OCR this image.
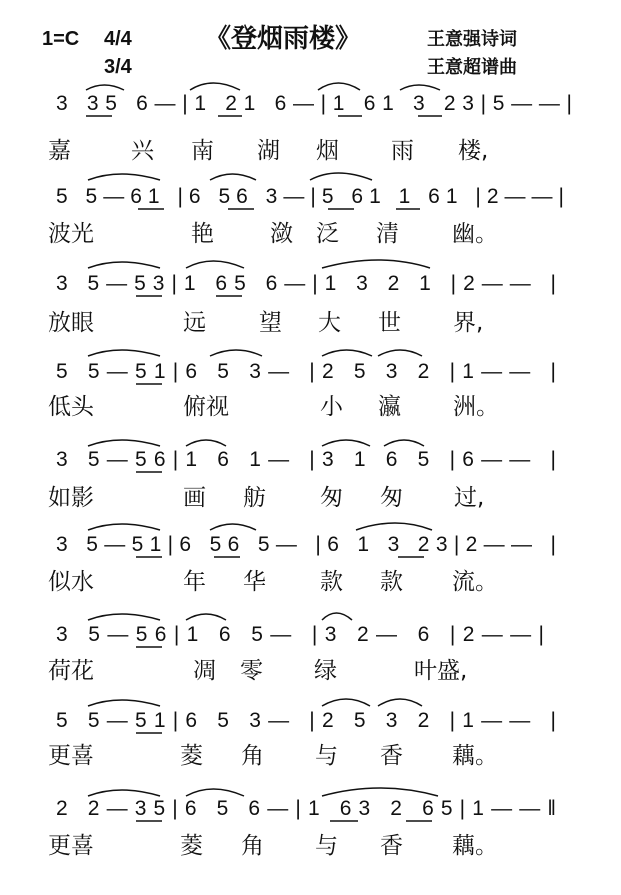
1=C 4/4
3/4
《登烟雨楼》	王意强诗词
王意超谱曲
3 35 6—|1 21 6—|1 61 3 23|5——|
嘉	兴 南 湖 烟 雨 楼,
5 5—61 |6 56 3—|5 61 1 61 |2——|
波光	艳 潋 泛 清 幽。
3 5—53|1 65 6—|1 3 2 1 |2—— |
放眼	远 望 大 世 界,
5 5—51|6 5 3— |2 5 3 2 |1—— |
低头	俯视	小 瀛 洲。
3 5—56|1 6 1— |3 1 6 5 |6—— |
如影	画 舫 匆 匆 过,
3 5—51|6 56 5— |6 1 3 23|2—— |
似水	年 华 款 款 流。
3 5—56|1 6 5— |3 2— 6 |2——|
荷花	凋 零 绿	叶盛,
5 5—51|6 5 3— |2 5 3 2 |1—— |
更喜	菱 角 与 香 藕。
2 2—35|6 5 6—|1 63 2 65|1——‖
更喜	菱 角 与 香 藕。
